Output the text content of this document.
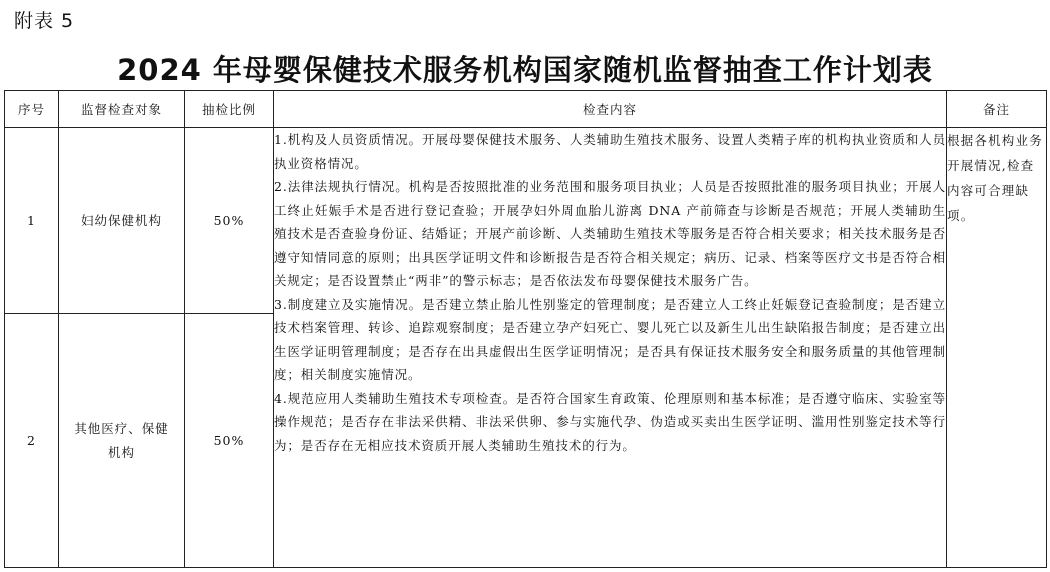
附表 5
2024 年母婴保健技术服务机构国家随机监督抽查工作计划表
序号	监督检查对象	抽检比例	检查内容	备注
1	妇幼保健机构	50%	1.机构及人员资质情况。开展母婴保健技术服务、人类辅助生殖技术服务、设置人类精子库的机构执业资质和人员执业资格情况。

2.法律法规执行情况。机构是否按照批准的业务范围和服务项目执业；人员是否按照批准的服务项目执业；开展人工终止妊娠手术是否进行登记查验；开展孕妇外周血胎儿游离 DNA 产前筛查与诊断是否规范；开展人类辅助生殖技术是否查验身份证、结婚证；开展产前诊断、人类辅助生殖技术等服务是否符合相关要求；相关技术服务是否遵守知情同意的原则；出具医学证明文件和诊断报告是否符合相关规定；病历、记录、档案等医疗文书是否符合相关规定；是否设置禁止“两非”的警示标志；是否依法发布母婴保健技术服务广告。

3.制度建立及实施情况。是否建立禁止胎儿性别鉴定的管理制度；是否建立人工终止妊娠登记查验制度；是否建立技术档案管理、转诊、追踪观察制度；是否建立孕产妇死亡、婴儿死亡以及新生儿出生缺陷报告制度；是否建立出生医学证明管理制度；是否存在出具虚假出生医学证明情况；是否具有保证技术服务安全和服务质量的其他管理制度；相关制度实施情况。

4.规范应用人类辅助生殖技术专项检查。是否符合国家生育政策、伦理原则和基本标准；是否遵守临床、实验室等操作规范；是否存在非法采供精、非法采供卵、参与实施代孕、伪造或买卖出生医学证明、滥用性别鉴定技术等行为；是否存在无相应技术资质开展人类辅助生殖技术的行为。	根据各机构业务开展情况,检查内容可合理缺项。
2	其他医疗、保健机构	50%		
